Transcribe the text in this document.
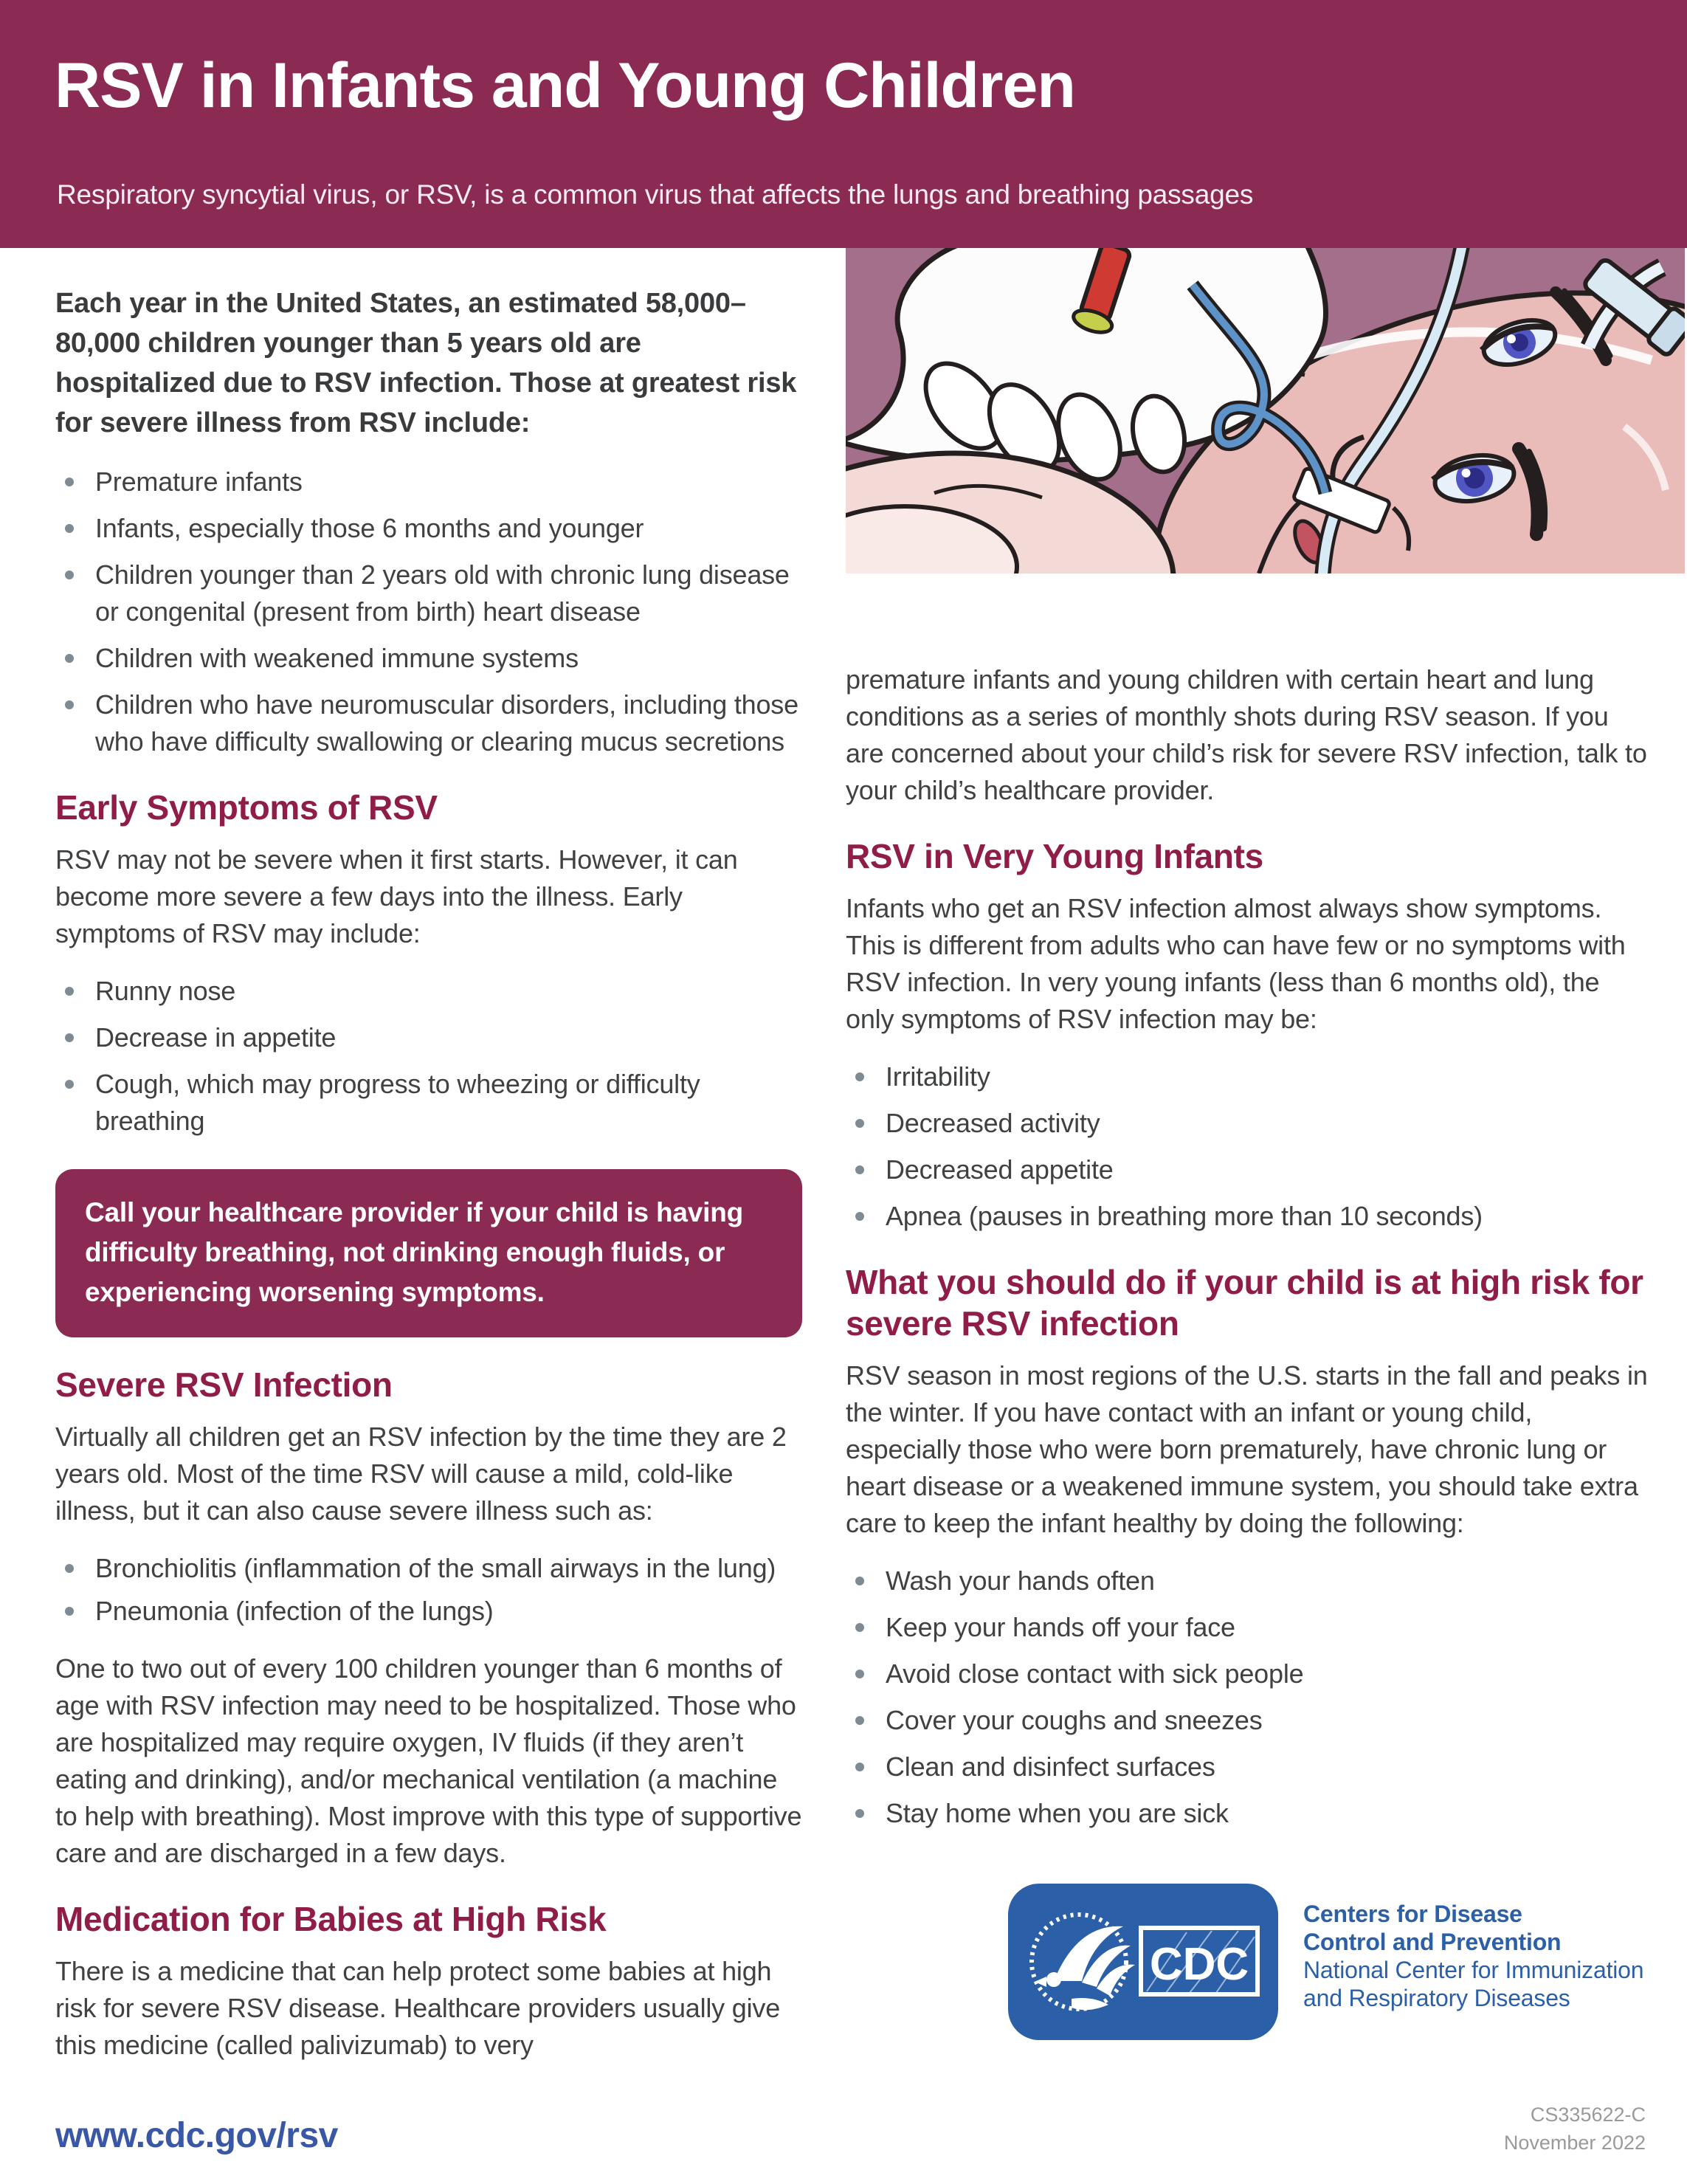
RSV in Infants and Young Children
Respiratory syncytial virus, or RSV, is a common virus that affects the lungs and breathing passages

Each year in the United States, an estimated 58,000–80,000 children younger than 5 years old are hospitalized due to RSV infection. Those at greatest risk for severe illness from RSV include:

Premature infants
Infants, especially those 6 months and younger
Children younger than 2 years old with chronic lung disease or congenital (present from birth) heart disease
Children with weakened immune systems
Children who have neuromuscular disorders, including those who have difficulty swallowing or clearing mucus secretions
Early Symptoms of RSV

RSV may not be severe when it first starts. However, it can become more severe a few days into the illness. Early symptoms of RSV may include:

Runny nose
Decrease in appetite
Cough, which may progress to wheezing or difficulty breathing
Call your healthcare provider if your child is having difficulty breathing, not drinking enough fluids, or experiencing worsening symptoms.
Severe RSV Infection

Virtually all children get an RSV infection by the time they are 2 years old. Most of the time RSV will cause a mild, cold-like illness, but it can also cause severe illness such as:

Bronchiolitis (inflammation of the small airways in the lung)
Pneumonia (infection of the lungs)

One to two out of every 100 children younger than 6 months of age with RSV infection may need to be hospitalized. Those who are hospitalized may require oxygen, IV fluids (if they aren’t eating and drinking), and/or mechanical ventilation (a machine to help with breathing). Most improve with this type of supportive care and are discharged in a few days.

Medication for Babies at High Risk

There is a medicine that can help protect some babies at high risk for severe RSV disease. Healthcare providers usually give this medicine (called palivizumab) to very

premature infants and young children with certain heart and lung conditions as a series of monthly shots during RSV season. If you are concerned about your child’s risk for severe RSV infection, talk to your child’s healthcare provider.

RSV in Very Young Infants

Infants who get an RSV infection almost always show symptoms. This is different from adults who can have few or no symptoms with RSV infection. In very young infants (less than 6 months old), the only symptoms of RSV infection may be:

Irritability
Decreased activity
Decreased appetite
Apnea (pauses in breathing more than 10 seconds)
What you should do if your child is at high risk for severe RSV infection

RSV season in most regions of the U.S. starts in the fall and peaks in the winter. If you have contact with an infant or young child, especially those who were born prematurely, have chronic lung or heart disease or a weakened immune system, you should take extra care to keep the infant healthy by doing the following:

Wash your hands often
Keep your hands off your face
Avoid close contact with sick people
Cover your coughs and sneezes
Clean and disinfect surfaces
Stay home when you are sick
CDC
Centers for Disease
Control and Prevention
National Center for Immunization
and Respiratory Diseases
www.cdc.gov/rsv
CS335622-C
November 2022
